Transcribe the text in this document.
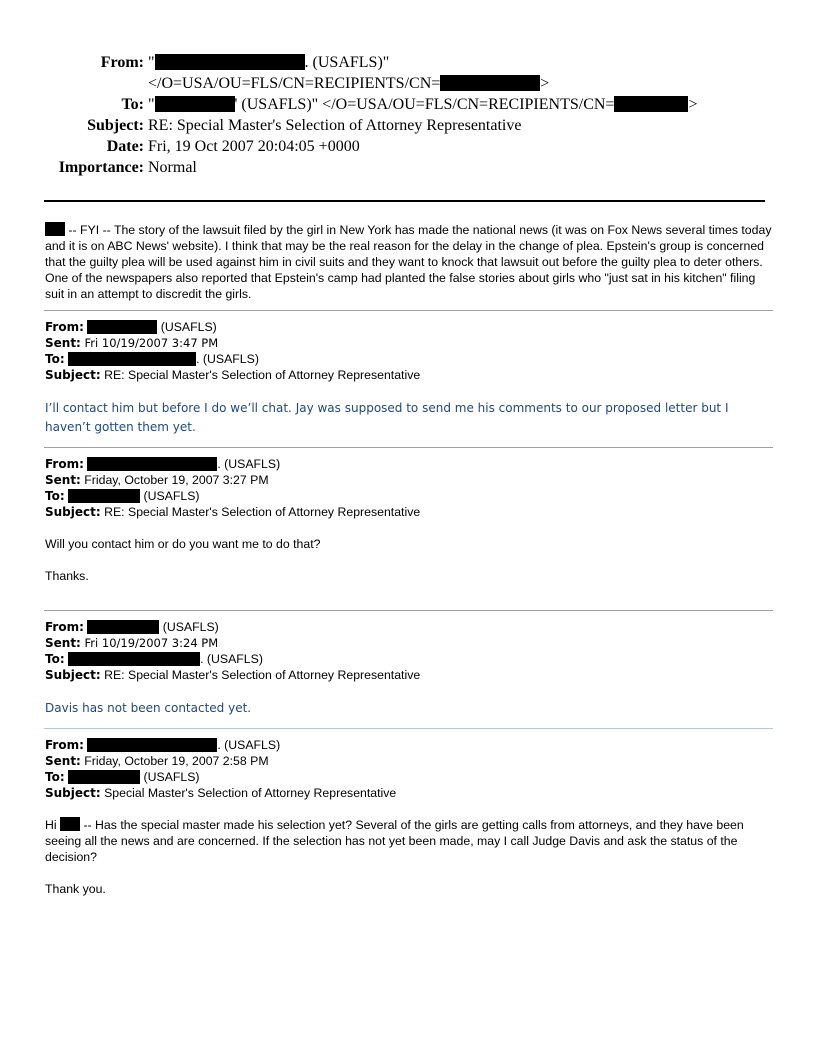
From: "	. (USAFLS)"
</O=USA/OU=FLS/CN=RECIPIENTS/CN=	>
To: "	' (USAFLS)" </O=USA/OU=FLS/CN=RECIPIENTS/CN=	>
Subject: RE: Special Master's Selection of Attorney Representative
Date: Fri, 19 Oct 2007 20:04:05 +0000
Importance: Normal

-- FYI -- The story of the lawsuit filed by the girl in New York has made the national news (it was on Fox News several times today and it is on ABC News' website). I think that may be the real reason for the delay in the change of plea. Epstein's group is concerned that the guilty plea will be used against him in civil suits and they want to knock that lawsuit out before the guilty plea to deter others. One of the newspapers also reported that Epstein's camp had planted the false stories about girls who "just sat in his kitchen" filing suit in an attempt to discredit the girls.

From:	(USAFLS)
Sent: Fri 10/19/2007 3:47 PM
To:	. (USAFLS)
Subject: RE: Special Master's Selection of Attorney Representative

I’ll contact him but before I do we’ll chat. Jay was supposed to send me his comments to our proposed letter but I haven’t gotten them yet.

From:	. (USAFLS)
Sent: Friday, October 19, 2007 3:27 PM
To:	(USAFLS)
Subject: RE: Special Master's Selection of Attorney Representative

Will you contact him or do you want me to do that?

Thanks.

From:	(USAFLS)
Sent: Fri 10/19/2007 3:24 PM
To:	. (USAFLS)
Subject: RE: Special Master's Selection of Attorney Representative

Davis has not been contacted yet.

From:	. (USAFLS)
Sent: Friday, October 19, 2007 2:58 PM
To:	(USAFLS)
Subject: Special Master's Selection of Attorney Representative

Hi  -- Has the special master made his selection yet? Several of the girls are getting calls from attorneys, and they have been seeing all the news and are concerned. If the selection has not yet been made, may I call Judge Davis and ask the status of the decision?

Thank you.
